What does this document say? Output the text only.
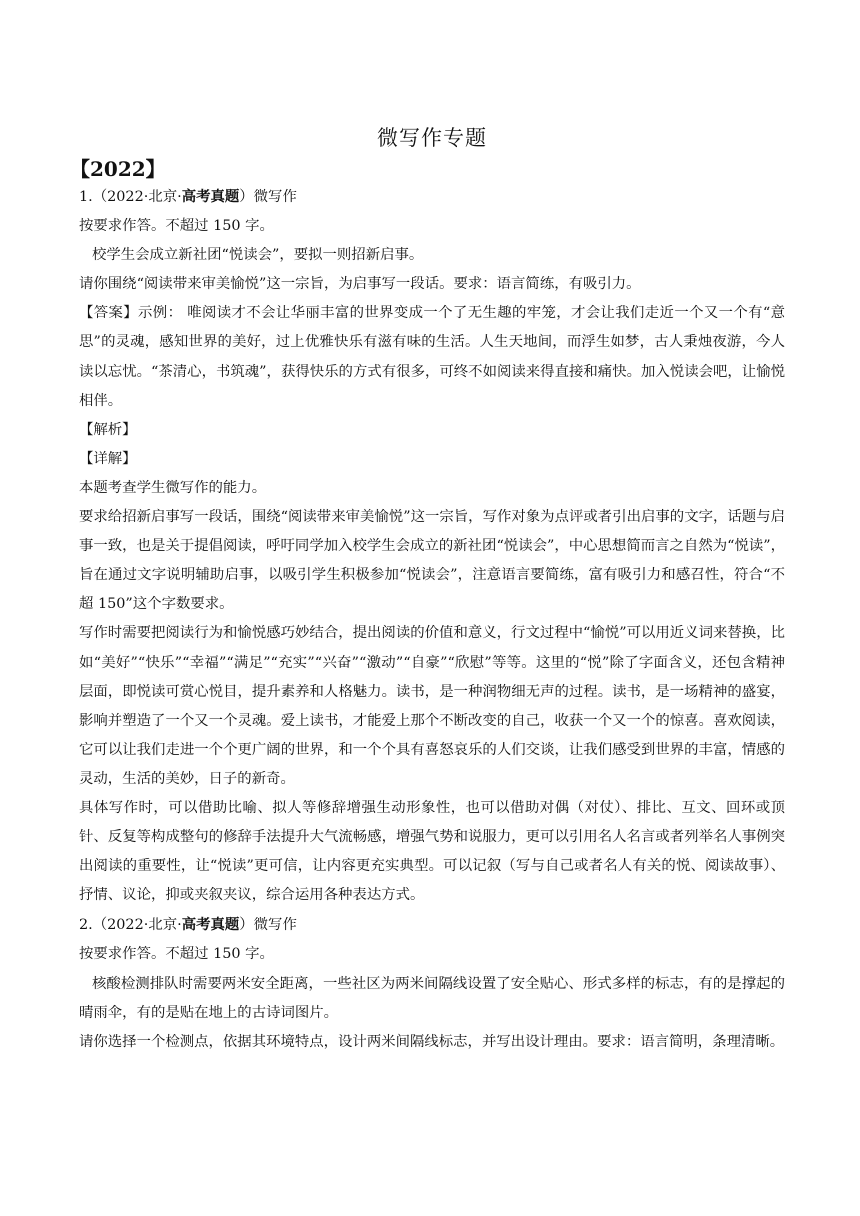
微写作专题
【2022】
1.（2022·北京·高考真题）微写作
按要求作答。不超过 150 字。
校学生会成立新社团“悦读会”，要拟一则招新启事。
请你围绕“阅读带来审美愉悦”这一宗旨，为启事写一段话。要求：语言简练，有吸引力。
【答案】示例： 唯阅读才不会让华丽丰富的世界变成一个了无生趣的牢笼，才会让我们走近一个又一个有“意思”的灵魂，感知世界的美好，过上优雅快乐有滋有味的生活。人生天地间，而浮生如梦，古人秉烛夜游，今人读以忘忧。“茶清心，书筑魂”，获得快乐的方式有很多，可终不如阅读来得直接和痛快。加入悦读会吧，让愉悦相伴。
【解析】
【详解】
本题考查学生微写作的能力。
要求给招新启事写一段话，围绕“阅读带来审美愉悦”这一宗旨，写作对象为点评或者引出启事的文字，话题与启事一致，也是关于提倡阅读，呼吁同学加入校学生会成立的新社团“悦读会”，中心思想简而言之自然为“悦读”，旨在通过文字说明辅助启事，以吸引学生积极参加“悦读会”，注意语言要简练，富有吸引力和感召性，符合“不超 150”这个字数要求。
写作时需要把阅读行为和愉悦感巧妙结合，提出阅读的价值和意义，行文过程中“愉悦”可以用近义词来替换，比如“美好”“快乐”“幸福”“满足”“充实”“兴奋”“激动”“自豪”“欣慰”等等。这里的“悦”除了字面含义，还包含精神层面，即悦读可赏心悦目，提升素养和人格魅力。读书，是一种润物细无声的过程。读书，是一场精神的盛宴，影响并塑造了一个又一个灵魂。爱上读书，才能爱上那个不断改变的自己，收获一个又一个的惊喜。喜欢阅读，它可以让我们走进一个个更广阔的世界，和一个个具有喜怒哀乐的人们交谈，让我们感受到世界的丰富，情感的灵动，生活的美妙，日子的新奇。
具体写作时，可以借助比喻、拟人等修辞增强生动形象性，也可以借助对偶（对仗）、排比、互文、回环或顶针、反复等构成整句的修辞手法提升大气流畅感，增强气势和说服力，更可以引用名人名言或者列举名人事例突出阅读的重要性，让“悦读”更可信，让内容更充实典型。可以记叙（写与自己或者名人有关的悦、阅读故事）、抒情、议论，抑或夹叙夹议，综合运用各种表达方式。
2.（2022·北京·高考真题）微写作
按要求作答。不超过 150 字。
核酸检测排队时需要两米安全距离，一些社区为两米间隔线设置了安全贴心、形式多样的标志，有的是撑起的晴雨伞，有的是贴在地上的古诗词图片。
请你选择一个检测点，依据其环境特点，设计两米间隔线标志，并写出设计理由。要求：语言简明，条理清晰。
